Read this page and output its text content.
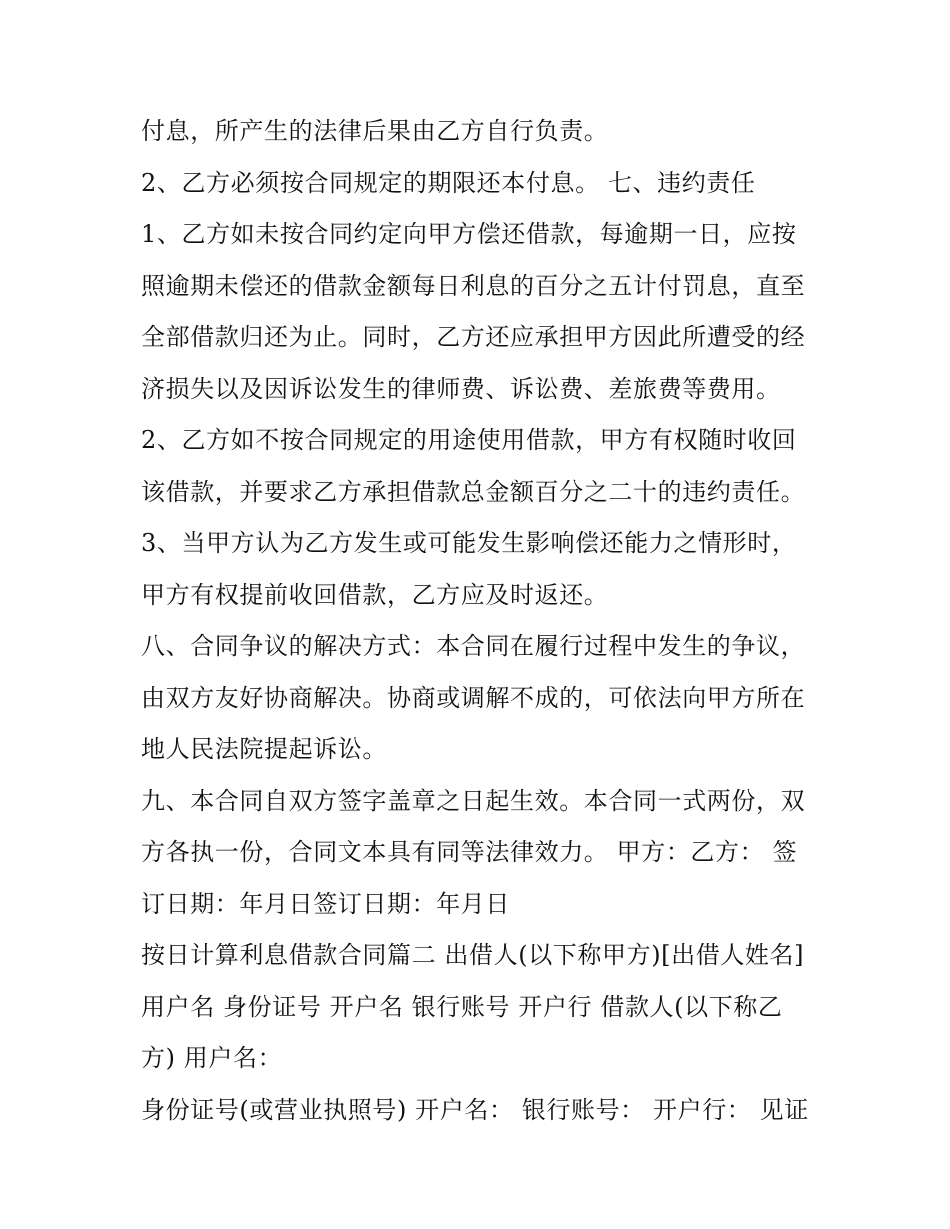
付息，所产生的法律后果由乙方自行负责。
2、乙方必须按合同规定的期限还本付息。 七、违约责任
1、乙方如未按合同约定向甲方偿还借款，每逾期一日，应按
照逾期未偿还的借款金额每日利息的百分之五计付罚息，直至
全部借款归还为止。同时，乙方还应承担甲方因此所遭受的经
济损失以及因诉讼发生的律师费、诉讼费、差旅费等费用。
2、乙方如不按合同规定的用途使用借款，甲方有权随时收回
该借款，并要求乙方承担借款总金额百分之二十的违约责任。
3、当甲方认为乙方发生或可能发生影响偿还能力之情形时，
甲方有权提前收回借款，乙方应及时返还。
八、合同争议的解决方式：本合同在履行过程中发生的争议，
由双方友好协商解决。协商或调解不成的，可依法向甲方所在
地人民法院提起诉讼。
九、本合同自双方签字盖章之日起生效。本合同一式两份，双
方各执一份，合同文本具有同等法律效力。 甲方：乙方： 签
订日期：年月日签订日期：年月日
按日计算利息借款合同篇二 出借人(以下称甲方)[出借人姓名]
用户名 身份证号 开户名 银行账号 开户行 借款人(以下称乙
方) 用户名：
身份证号(或营业执照号) 开户名： 银行账号： 开户行： 见证
